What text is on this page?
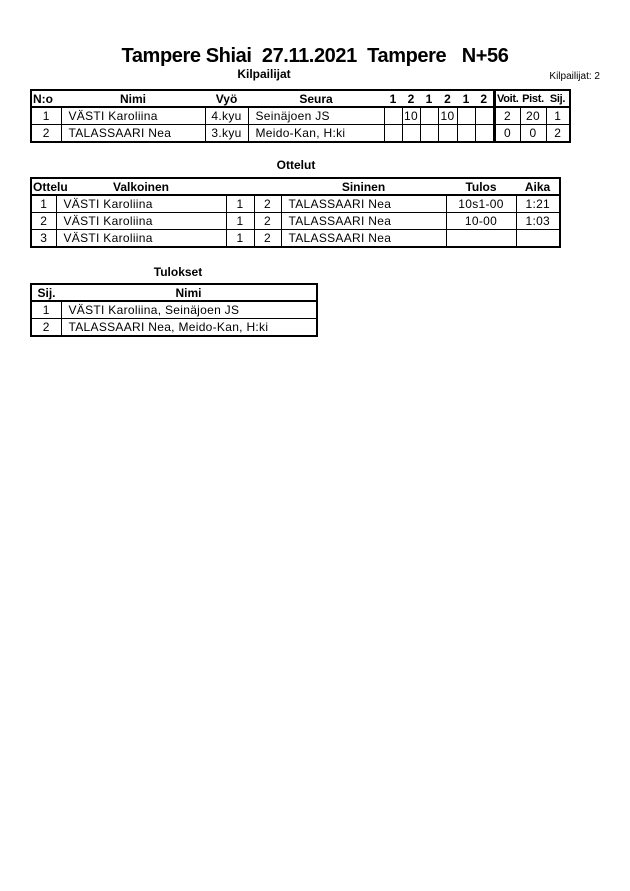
Tampere Shiai  27.11.2021  Tampere   N+56
Kilpailijat	Kilpailijat: 2
N:o	Nimi	Vyö	Seura	1	2	1	2	1	2	Voit.	Pist.	Sij.
1	VÄSTI Karoliina	4.kyu	Seinäjoen JS		10		10			2	20	1
2	TALASSAARI Nea	3.kyu	Meido-Kan, H:ki							0	0	2
Ottelut
Ottelu	Valkoinen			Sininen	Tulos	Aika
1	VÄSTI Karoliina	1	2	TALASSAARI Nea	10s1-00	1:21
2	VÄSTI Karoliina	1	2	TALASSAARI Nea	10-00	1:03
3	VÄSTI Karoliina	1	2	TALASSAARI Nea		
Tulokset
Sij.	Nimi
1	VÄSTI Karoliina, Seinäjoen JS
2	TALASSAARI Nea, Meido-Kan, H:ki
